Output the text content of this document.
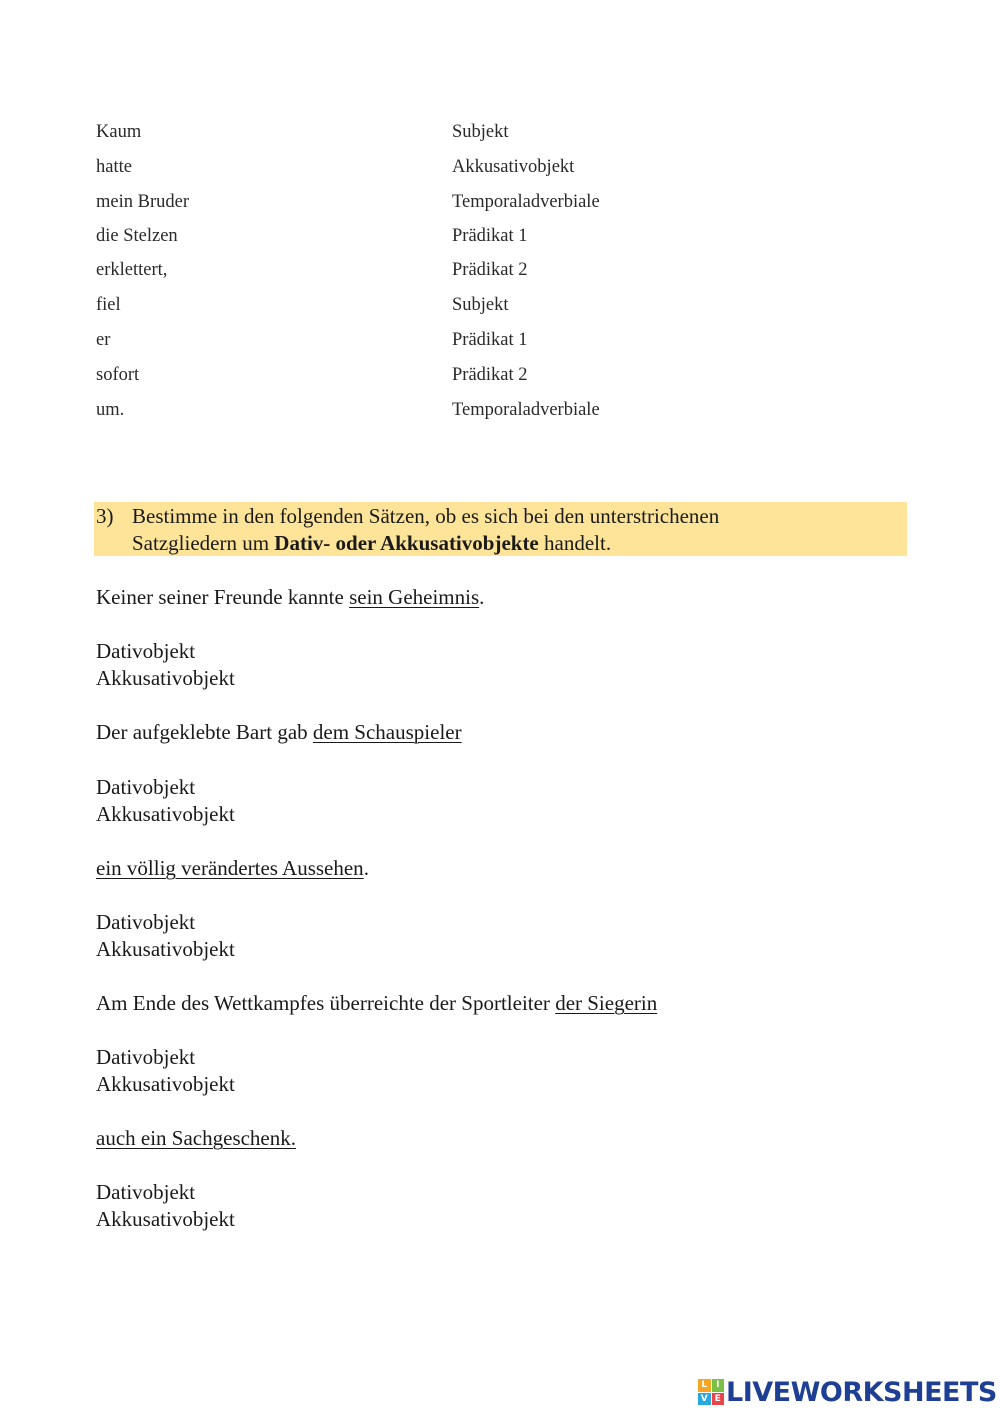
Kaum	Subjekt
hatte	Akkusativobjekt
mein Bruder	Temporaladverbiale
die Stelzen	Prädikat 1
erklettert,	Prädikat 2
fiel	Subjekt
er	Prädikat 1
sofort	Prädikat 2
um.	Temporaladverbiale
3) Bestimme in den folgenden Sätzen, ob es sich bei den unterstrichenen
Satzgliedern um Dativ- oder Akkusativobjekte handelt.
Keiner seiner Freunde kannte sein Geheimnis.
Dativobjekt
Akkusativobjekt
Der aufgeklebte Bart gab dem Schauspieler
Dativobjekt
Akkusativobjekt
ein völlig verändertes Aussehen.
Dativobjekt
Akkusativobjekt
Am Ende des Wettkampfes überreichte der Sportleiter der Siegerin
Dativobjekt
Akkusativobjekt
auch ein Sachgeschenk.
Dativobjekt
Akkusativobjekt
L I
V E LIVEWORKSHEETS
